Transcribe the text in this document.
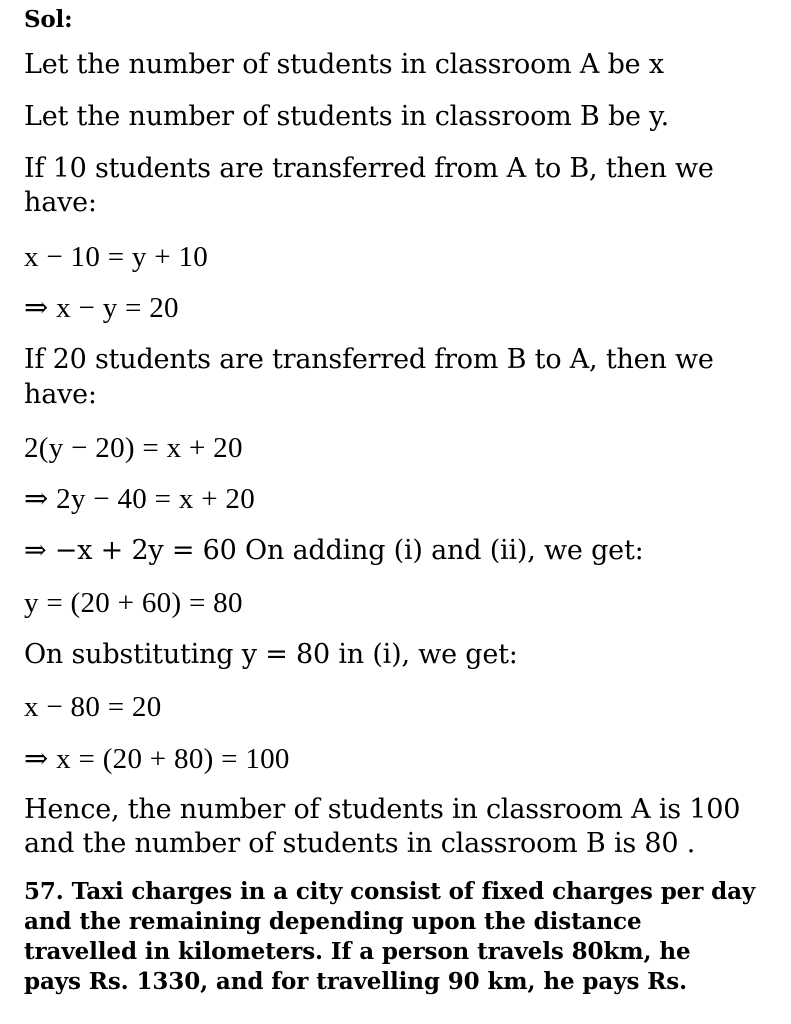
Sol:
Let the number of students in classroom A be x
Let the number of students in classroom B be y.
If 10 students are transferred from A to B, then we
have:
x − 10 = y + 10
⇒ x − y = 20
If 20 students are transferred from B to A, then we
have:
2(y − 20) = x + 20
⇒ 2y − 40 = x + 20
⇒ −x + 2y = 60 On adding (i) and (ii), we get:
y = (20 + 60) = 80
On substituting y = 80 in (i), we get:
x − 80 = 20
⇒ x = (20 + 80) = 100
Hence, the number of students in classroom A is 100
and the number of students in classroom B is 80 .
57. Taxi charges in a city consist of fixed charges per day
and the remaining depending upon the distance
travelled in kilometers. If a person travels 80km, he
pays Rs. 1330, and for travelling 90 km, he pays Rs.
